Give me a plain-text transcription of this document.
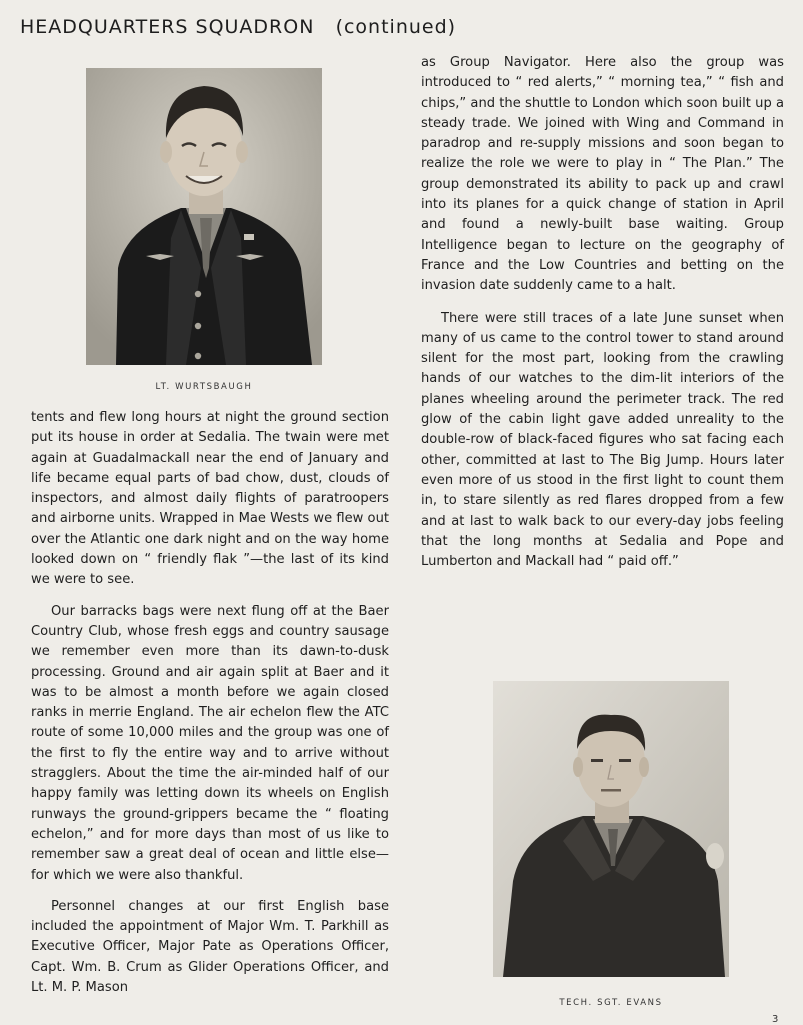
HEADQUARTERS SQUADRON (continued)
LT. WURTSBAUGH

tents and flew long hours at night the ground section put its house in order at Sedalia. The twain were met again at Guadalmackall near the end of January and life became equal parts of bad chow, dust, clouds of inspectors, and almost daily flights of paratroopers and airborne units. Wrapped in Mae Wests we flew out over the Atlantic one dark night and on the way home looked down on “ friendly flak ”—the last of its kind we were to see.

Our barracks bags were next flung off at the Baer Country Club, whose fresh eggs and country sausage we remember even more than its dawn-to-dusk processing. Ground and air again split at Baer and it was to be almost a month before we again closed ranks in merrie England. The air echelon flew the ATC route of some 10,000 miles and the group was one of the first to fly the entire way and to arrive without stragglers. About the time the air-minded half of our happy family was letting down its wheels on English runways the ground-grippers became the “ floating echelon,” and for more days than most of us like to remember saw a great deal of ocean and little else—for which we were also thankful.

Personnel changes at our first English base included the appointment of Major Wm. T. Parkhill as Executive Officer, Major Pate as Operations Officer, Capt. Wm. B. Crum as Glider Operations Officer, and Lt. M. P. Mason

as Group Navigator. Here also the group was introduced to “ red alerts,” “ morning tea,” “ fish and chips,” and the shuttle to London which soon built up a steady trade. We joined with Wing and Command in paradrop and re-supply missions and soon began to realize the role we were to play in “ The Plan.” The group demonstrated its ability to pack up and crawl into its planes for a quick change of station in April and found a newly-built base waiting. Group Intelligence began to lecture on the geography of France and the Low Countries and betting on the invasion date suddenly came to a halt.

There were still traces of a late June sunset when many of us came to the control tower to stand around silent for the most part, looking from the crawling hands of our watches to the dim-lit interiors of the planes wheeling around the perimeter track. The red glow of the cabin light gave added unreality to the double-row of black-faced figures who sat facing each other, committed at last to The Big Jump. Hours later even more of us stood in the first light to count them in, to stare silently as red flares dropped from a few and at last to walk back to our every-day jobs feeling that the long months at Sedalia and Pope and Lumberton and Mackall had “ paid off.”

TECH. SGT. EVANS
3
